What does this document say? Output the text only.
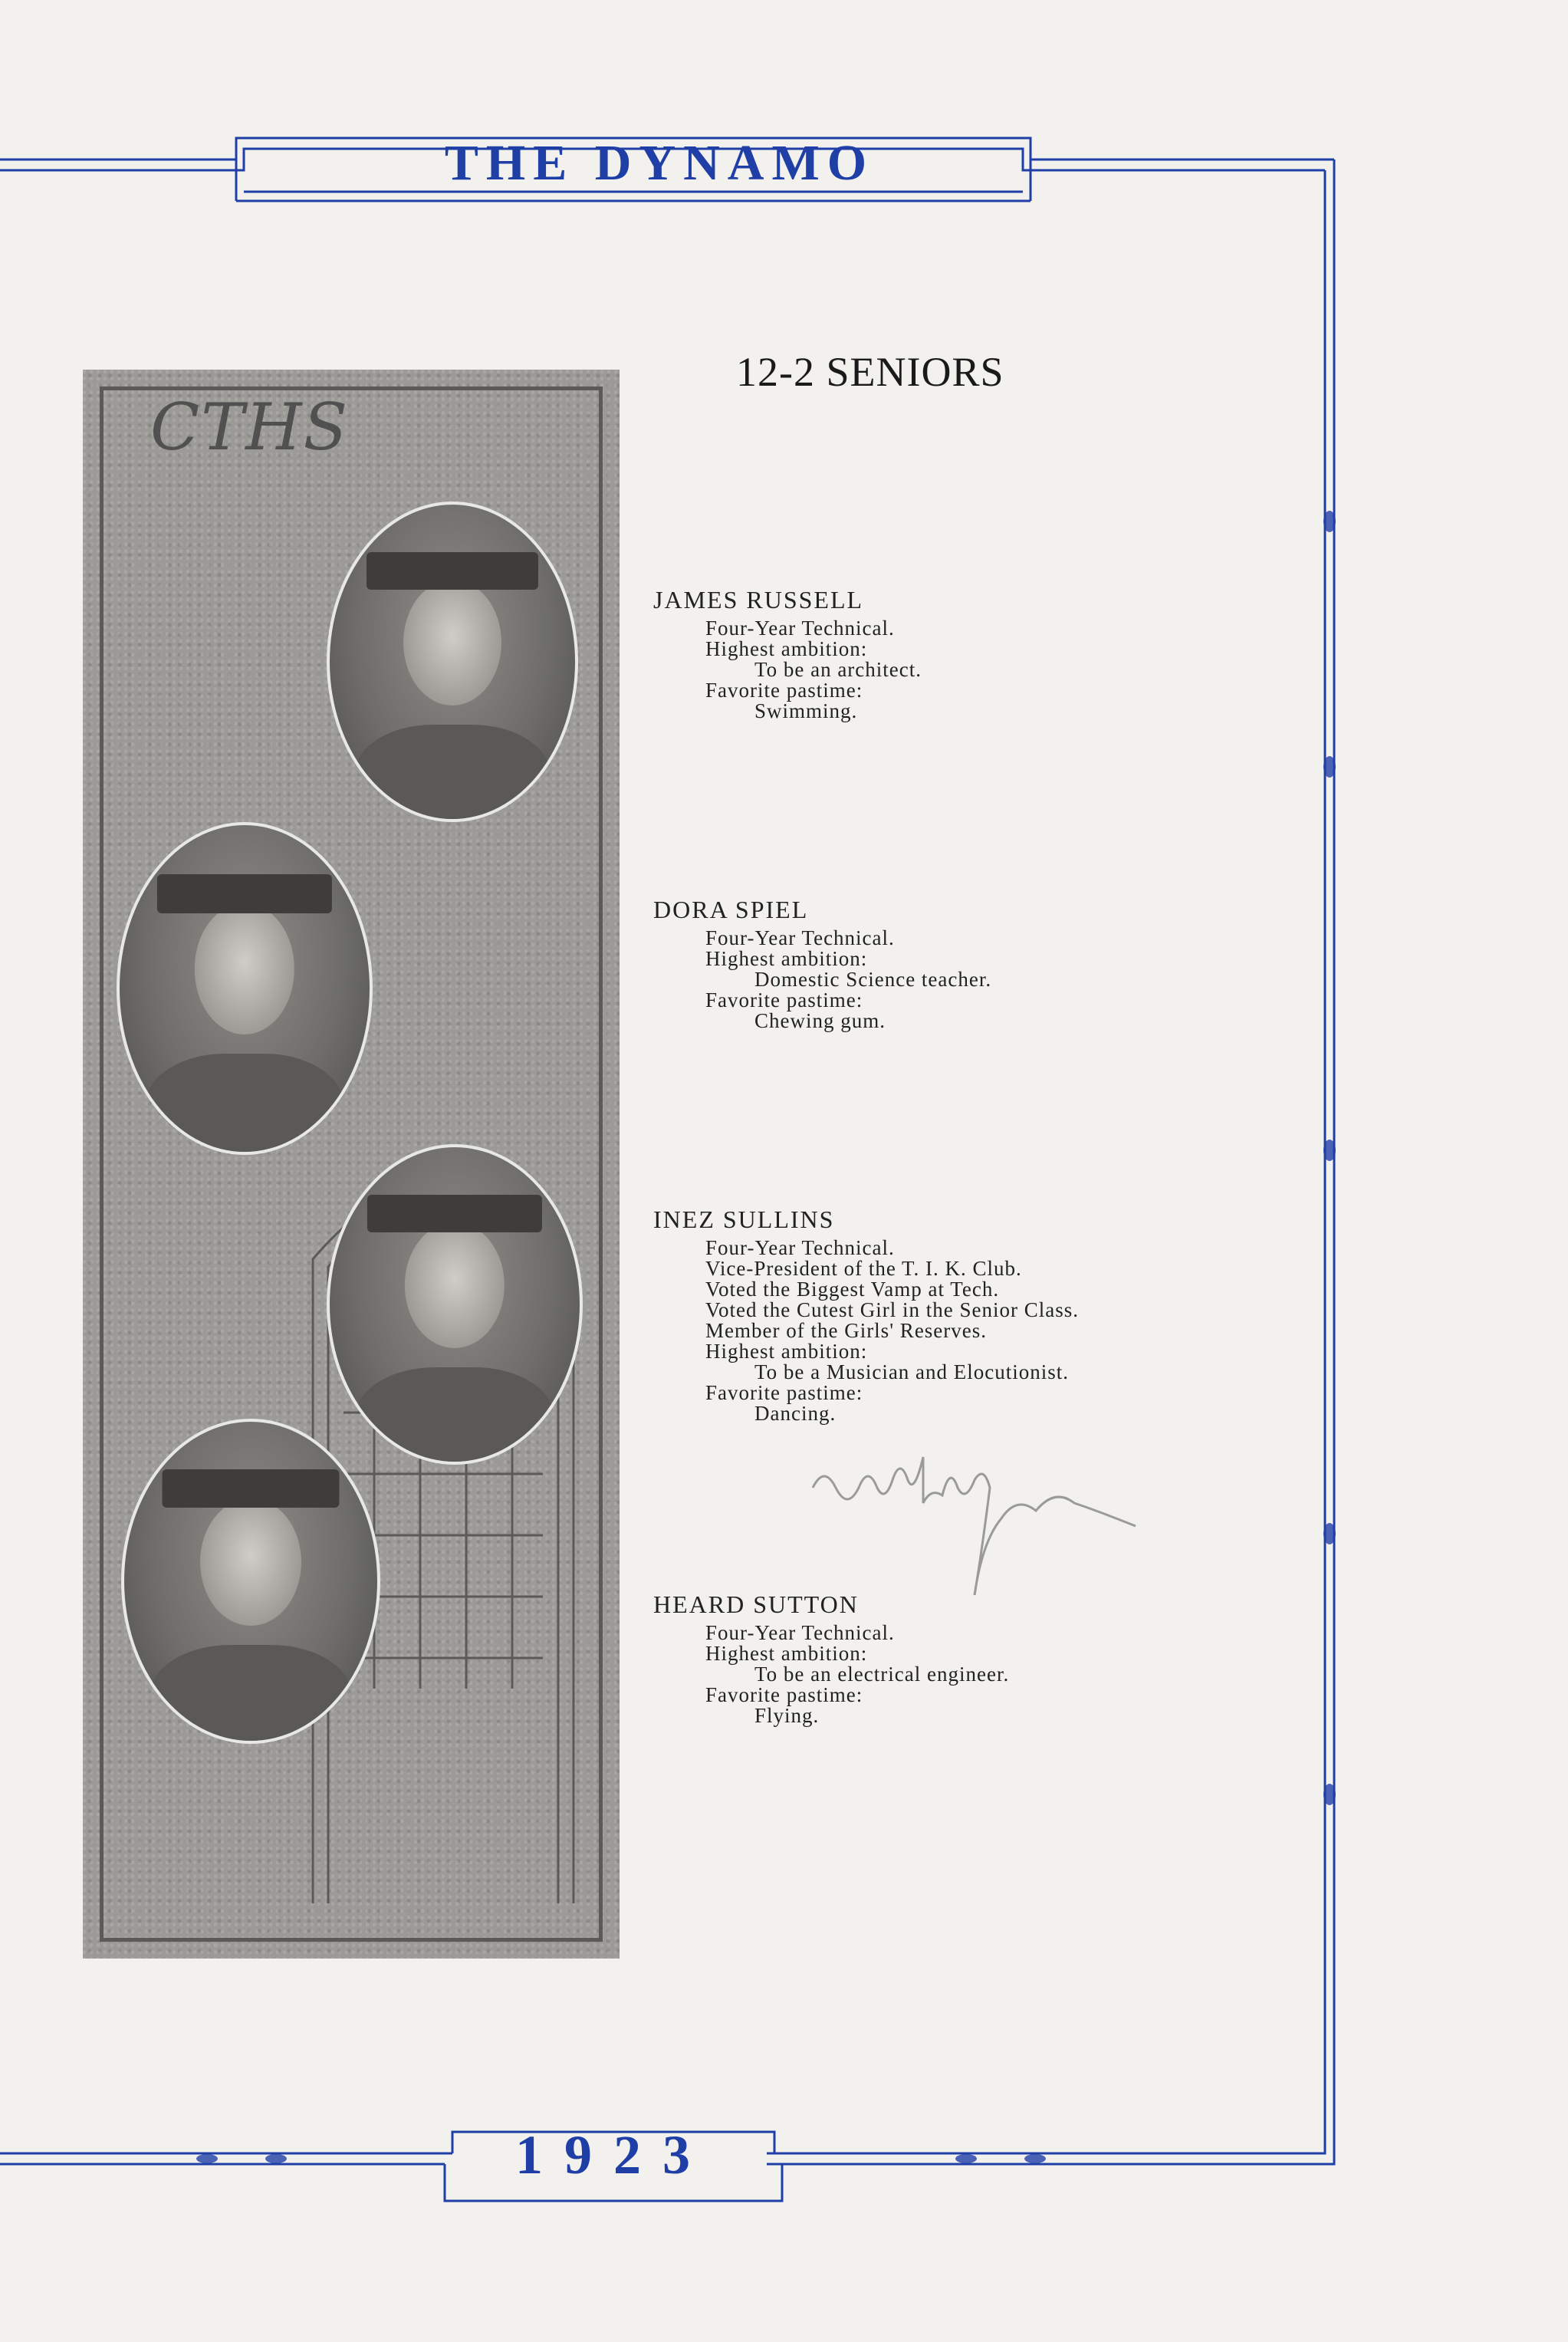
THE DYNAMO
1923
12-2 SENIORS
CTHS
JAMES RUSSELL
Four-Year Technical.
Highest ambition:
To be an architect.
Favorite pastime:
Swimming.
DORA SPIEL
Four-Year Technical.
Highest ambition:
Domestic Science teacher.
Favorite pastime:
Chewing gum.
INEZ SULLINS
Four-Year Technical.
Vice-President of the T. I. K. Club.
Voted the Biggest Vamp at Tech.
Voted the Cutest Girl in the Senior Class.
Member of the Girls' Reserves.
Highest ambition:
To be a Musician and Elocutionist.
Favorite pastime:
Dancing.
HEARD SUTTON
Four-Year Technical.
Highest ambition:
To be an electrical engineer.
Favorite pastime:
Flying.
